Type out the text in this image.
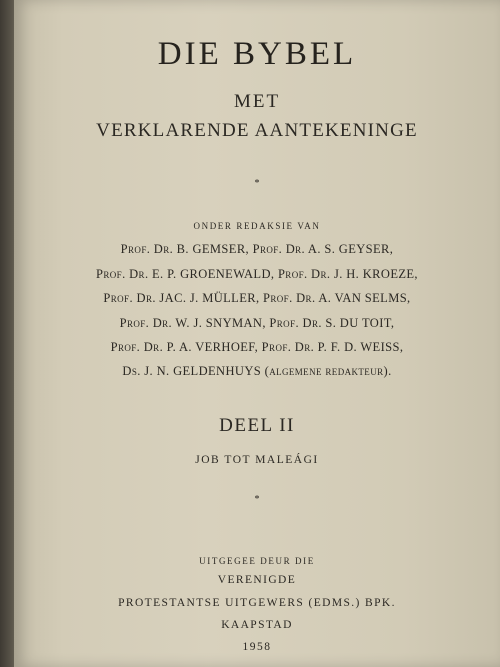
DIE BYBEL
MET
VERKLARENDE AANTEKENINGE
*
ONDER REDAKSIE VAN
Prof. Dr. B. GEMSER, Prof. Dr. A. S. GEYSER,
Prof. Dr. E. P. GROENEWALD, Prof. Dr. J. H. KROEZE,
Prof. Dr. JAC. J. MÜLLER, Prof. Dr. A. VAN SELMS,
Prof. Dr. W. J. SNYMAN, Prof. Dr. S. DU TOIT,
Prof. Dr. P. A. VERHOEF, Prof. Dr. P. F. D. WEISS,
Ds. J. N. GELDENHUYS (algemene redakteur).
DEEL II
JOB TOT MALEÁGI
*
UITGEGEE DEUR DIE
VERENIGDE
PROTESTANTSE UITGEWERS (EDMS.) BPK.
KAAPSTAD
1958
